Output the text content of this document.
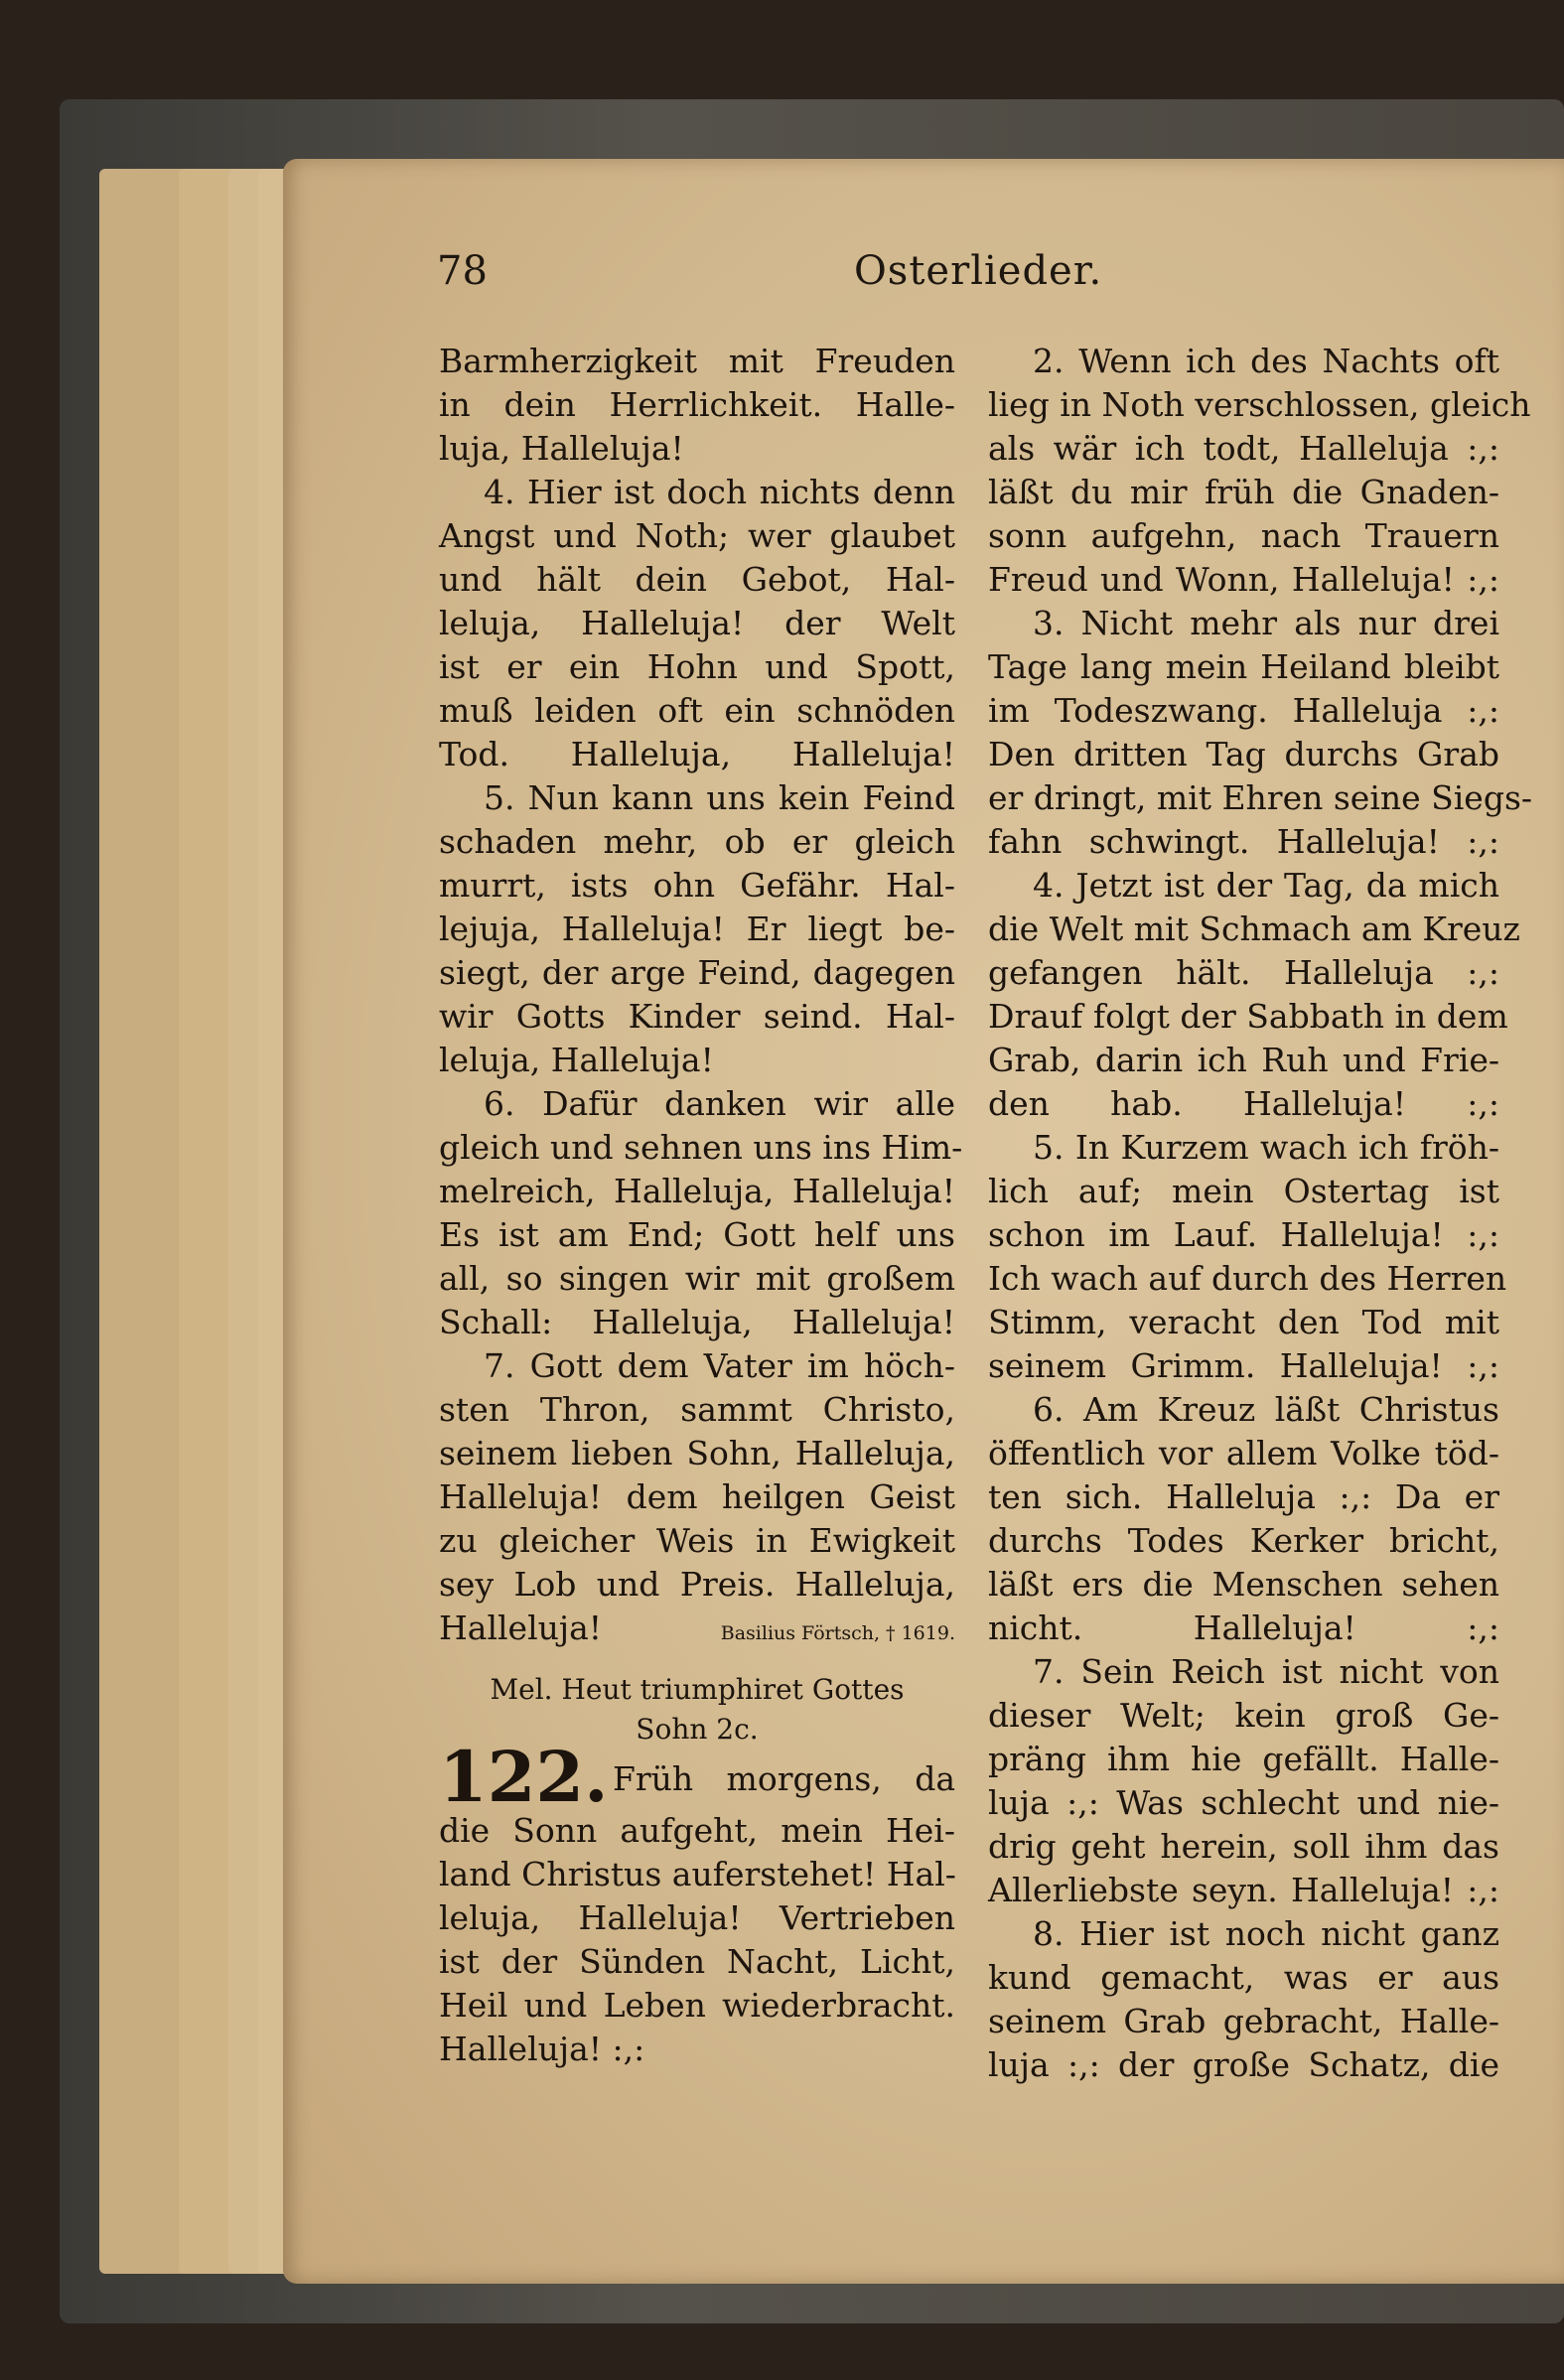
78	Osterlieder.
Barmherzigkeit mit Freuden
in dein Herrlichkeit. Halle-
luja, Halleluja!
4. Hier ist doch nichts denn
Angst und Noth; wer glaubet
und hält dein Gebot, Hal-
leluja, Halleluja! der Welt
ist er ein Hohn und Spott,
muß leiden oft ein schnöden
Tod. Halleluja, Halleluja!
5. Nun kann uns kein Feind
schaden mehr, ob er gleich
murrt, ists ohn Gefähr. Hal-
lejuja, Halleluja! Er liegt be-
siegt, der arge Feind, dagegen
wir Gotts Kinder seind. Hal-
leluja, Halleluja!
6. Dafür danken wir alle
gleich und sehnen uns ins Him-
melreich, Halleluja, Halleluja!
Es ist am End; Gott helf uns
all, so singen wir mit großem
Schall: Halleluja, Halleluja!
7. Gott dem Vater im höch-
sten Thron, sammt Christo,
seinem lieben Sohn, Halleluja,
Halleluja! dem heilgen Geist
zu gleicher Weis in Ewigkeit
sey Lob und Preis. Halleluja,
Halleluja!	Basilius Förtsch, † 1619.
Mel. Heut triumphiret Gottes
Sohn 2c.
122. Früh morgens, da
die Sonn aufgeht, mein Hei-
land Christus auferstehet! Hal-
leluja, Halleluja! Vertrieben
ist der Sünden Nacht, Licht,
Heil und Leben wiederbracht.
Halleluja! :,:
2. Wenn ich des Nachts oft
lieg in Noth verschlossen, gleich
als wär ich todt, Halleluja :,:
läßt du mir früh die Gnaden-
sonn aufgehn, nach Trauern
Freud und Wonn, Halleluja! :,:
3. Nicht mehr als nur drei
Tage lang mein Heiland bleibt
im Todeszwang. Halleluja :,:
Den dritten Tag durchs Grab
er dringt, mit Ehren seine Siegs-
fahn schwingt. Halleluja! :,:
4. Jetzt ist der Tag, da mich
die Welt mit Schmach am Kreuz
gefangen hält. Halleluja :,:
Drauf folgt der Sabbath in dem
Grab, darin ich Ruh und Frie-
den hab. Halleluja! :,:
5. In Kurzem wach ich fröh-
lich auf; mein Ostertag ist
schon im Lauf. Halleluja! :,:
Ich wach auf durch des Herren
Stimm, veracht den Tod mit
seinem Grimm. Halleluja! :,:
6. Am Kreuz läßt Christus
öffentlich vor allem Volke töd-
ten sich. Halleluja :,: Da er
durchs Todes Kerker bricht,
läßt ers die Menschen sehen
nicht. Halleluja! :,:
7. Sein Reich ist nicht von
dieser Welt; kein groß Ge-
präng ihm hie gefällt. Halle-
luja :,: Was schlecht und nie-
drig geht herein, soll ihm das
Allerliebste seyn. Halleluja! :,:
8. Hier ist noch nicht ganz
kund gemacht, was er aus
seinem Grab gebracht, Halle-
luja :,: der große Schatz, die
